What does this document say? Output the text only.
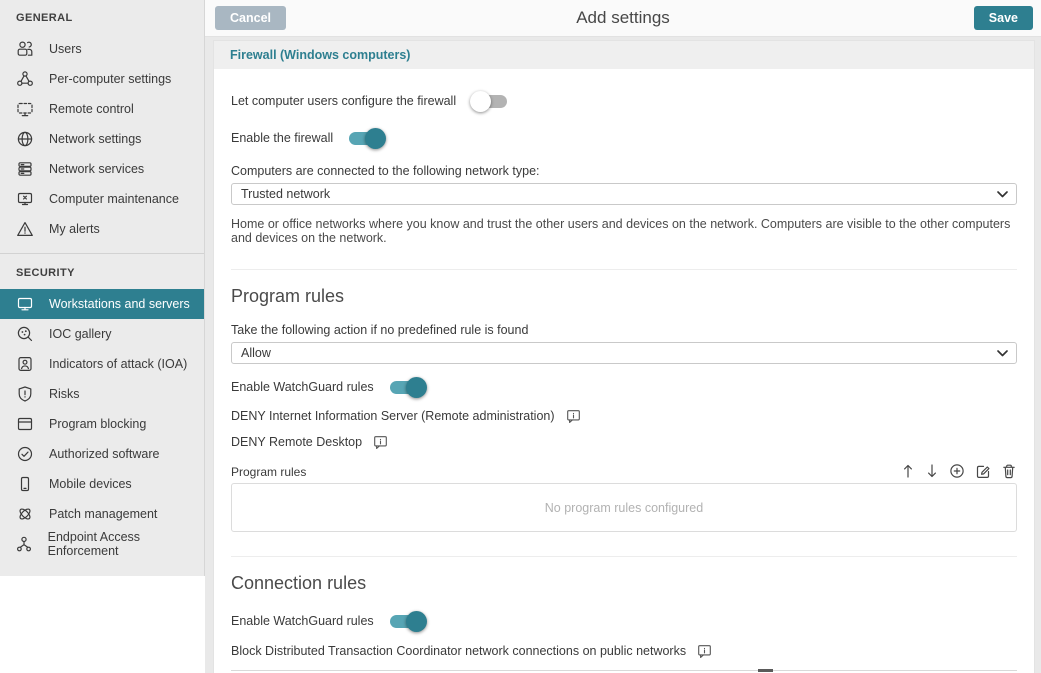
GENERAL
Users
Per-computer settings
Remote control
Network settings
Network services
Computer maintenance
My alerts
SECURITY
Workstations and servers
IOC gallery
Indicators of attack (IOA)
Risks
Program blocking
Authorized software
Mobile devices
Patch management
Endpoint Access Enforcement
Cancel	Add settings	Save
Firewall (Windows computers)
Let computer users configure the firewall
Enable the firewall
Computers are connected to the following network type:
Trusted network
Home or office networks where you know and trust the other users and devices on the network. Computers are visible to the other computers and devices on the network.
Program rules
Take the following action if no predefined rule is found
Allow
Enable WatchGuard rules
DENY Internet Information Server (Remote administration)
DENY Remote Desktop
Program rules
No program rules configured
Connection rules
Enable WatchGuard rules
Block Distributed Transaction Coordinator network connections on public networks
